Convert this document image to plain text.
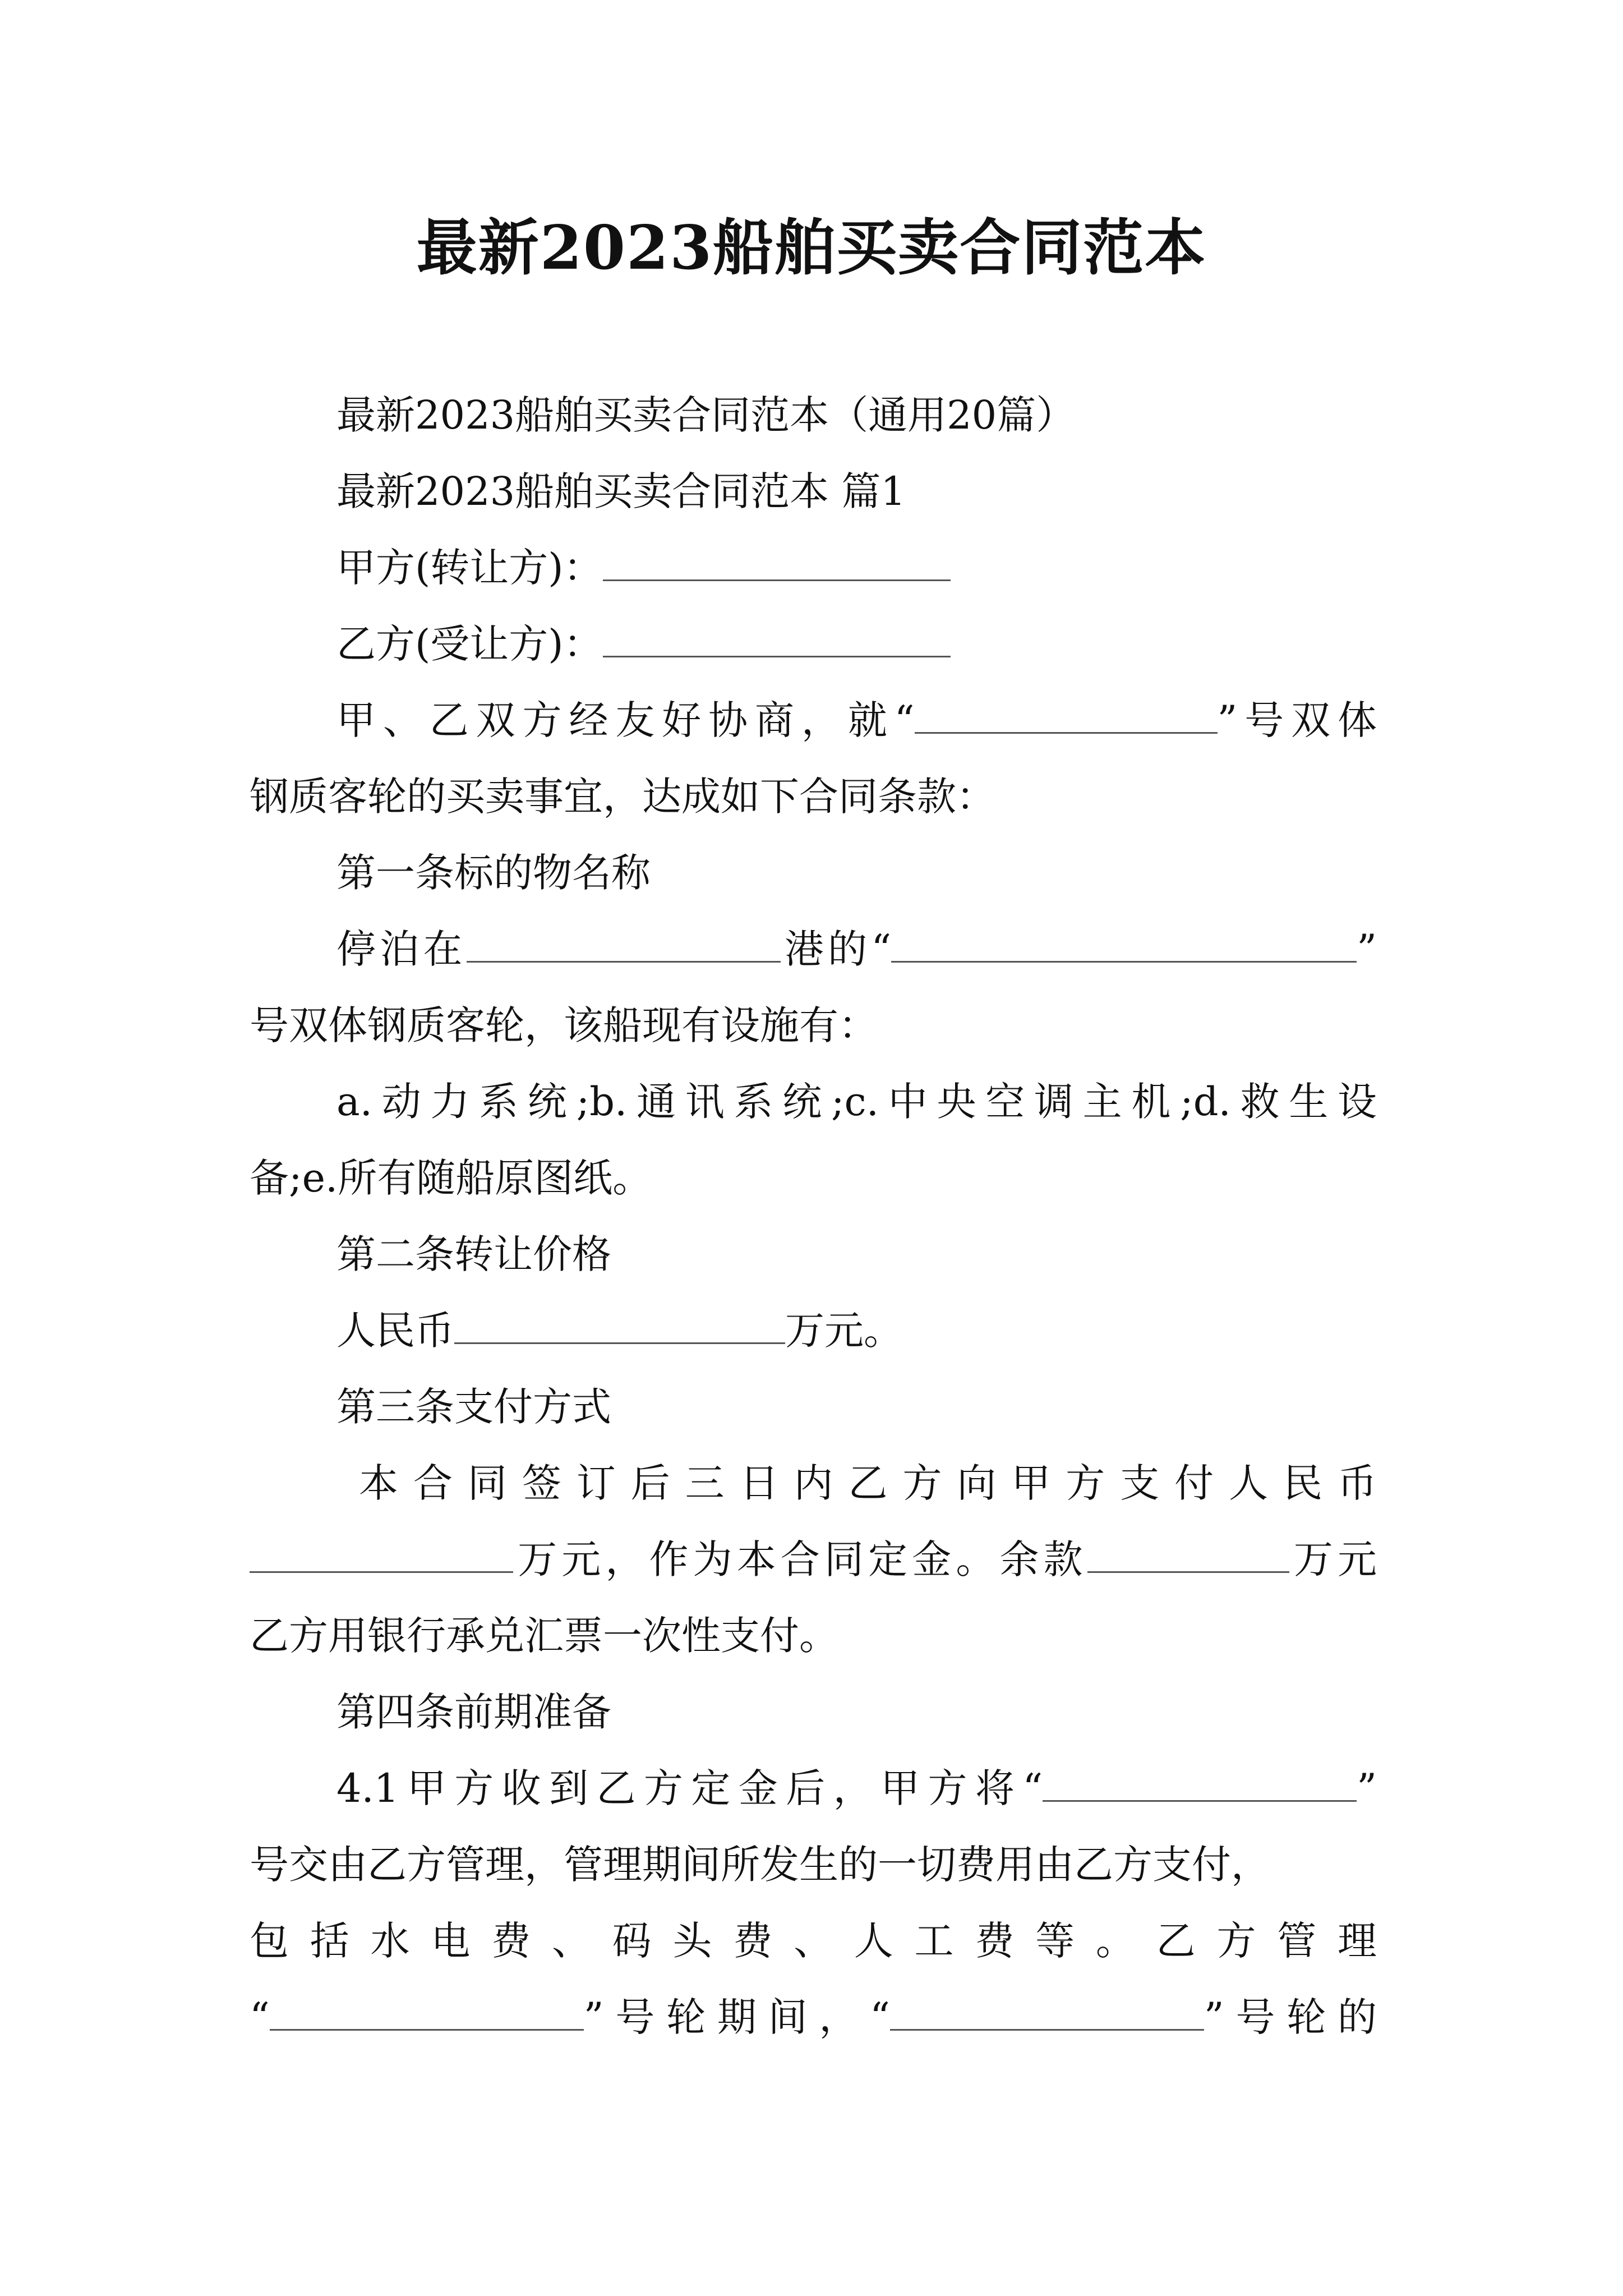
最新2023船舶买卖合同范本
最新2023船舶买卖合同范本（通用20篇）
最新2023船舶买卖合同范本 篇1
甲方(转让方)：
乙方(受让方)：
甲、乙双方经友好协商，就“	”号双体
钢质客轮的买卖事宜，达成如下合同条款：
第一条标的物名称
停泊在	港的“	”
号双体钢质客轮，该船现有设施有：
a.动力系统;b.通讯系统;c.中央空调主机;d.救生设
备;e.所有随船原图纸。
第二条转让价格
人民币	万元。
第三条支付方式
本合同签订后三日内乙方向甲方支付人民币
万元，作为本合同定金。余款	万元
乙方用银行承兑汇票一次性支付。
第四条前期准备
4.1甲方收到乙方定金后，甲方将“	”
号交由乙方管理，管理期间所发生的一切费用由乙方支付，
包括水电费、码头费、人工费等。乙方管理
“	”号轮期间，“	”号轮的
